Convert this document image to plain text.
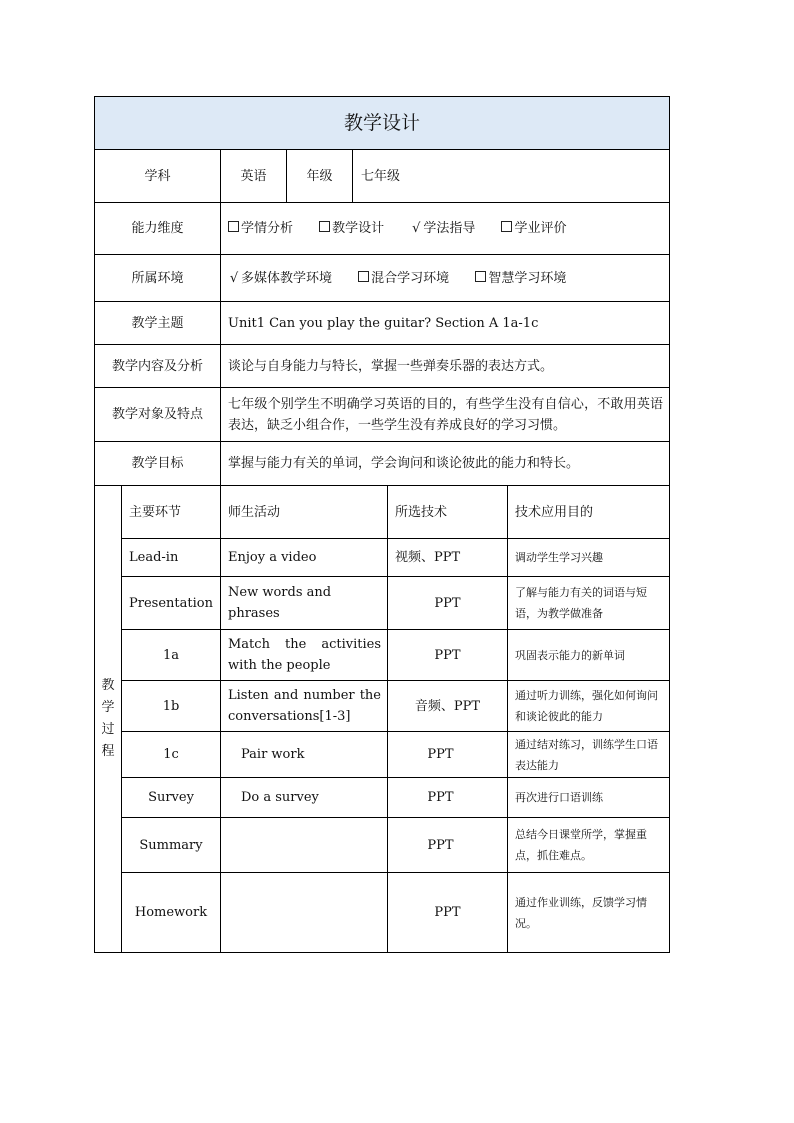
教学设计					
学科		英语	年级 七年级		

能力维度		学情分析 教学设计 √ 学法指导 学业评价			
所属环境		√ 多媒体教学环境 混合学习环境 智慧学习环境			
教学主题		Unit1 Can you play the guitar? Section A 1a-1c			
教学内容及分析		谈论与自身能力与特长，掌握一些弹奏乐器的表达方式。			
教学对象及特点		七年级个别学生不明确学习英语的目的，有些学生没有自信心，不敢用英语表达，缺乏小组合作，一些学生没有养成良好的学习习惯。			
教学目标		掌握与能力有关的单词，学会询问和谈论彼此的能力和特长。			

教
学
过
程	主要环节	师生活动		所选技术	技术应用目的
	Lead-in	Enjoy a video		视频、PPT	调动学生学习兴趣
	Presentation	New words and phrases		PPT	了解与能力有关的词语与短语，为教学做准备
	1a	Match the activities with the people		PPT	巩固表示能力的新单词
	1b	Listen and number the conversations[1-3]		音频、PPT	通过听力训练，强化如何询问和谈论彼此的能力
	1c	Pair work		PPT	通过结对练习，训练学生口语表达能力
	Survey	Do a survey		PPT	再次进行口语训练
	Summary			PPT	总结今日课堂所学，掌握重点，抓住难点。
	Homework			PPT	通过作业训练，反馈学习情况。
